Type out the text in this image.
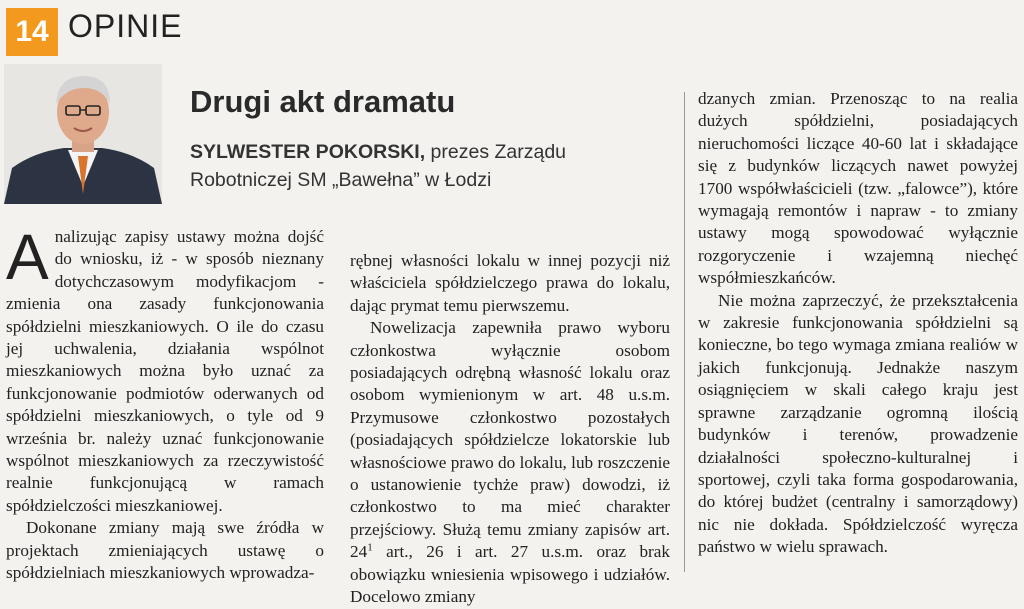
14 OPINIE
Drugi akt dramatu
SYLWESTER POKORSKI, prezes Zarządu Robotniczej SM „Bawełna” w Łodzi

Analizując zapisy ustawy można dojść do wniosku, iż - w sposób nieznany dotychczasowym modyfikacjom - zmienia ona zasady funkcjonowania spółdzielni mieszkaniowych. O ile do czasu jej uchwalenia, działania wspólnot mieszkaniowych można było uznać za funkcjonowanie podmiotów oderwanych od spółdzielni mieszkaniowych, o tyle od 9 września br. należy uznać funkcjonowanie wspólnot mieszkaniowych za rzeczywistość realnie funkcjonującą w ramach spółdzielczości mieszkaniowej.

Dokonane zmiany mają swe źródła w projektach zmieniających ustawę o spółdzielniach mieszkaniowych wprowadza-

rębnej własności lokalu w innej pozycji niż właściciela spółdzielczego prawa do lokalu, dając prymat temu pierwszemu.

Nowelizacja zapewniła prawo wyboru członkostwa wyłącznie osobom posiadających odrębną własność lokalu oraz osobom wymienionym w art. 48 u.s.m. Przymusowe członkostwo pozostałych (posiadających spółdzielcze lokatorskie lub własnościowe prawo do lokalu, lub roszczenie o ustanowienie tychże praw) dowodzi, iż członkostwo to ma mieć charakter przejściowy. Służą temu zmiany zapisów art. $24^1$ art., 26 i art. 27 u.s.m. oraz brak obowiązku wniesienia wpisowego i udziałów. Docelowo zmiany

dzanych zmian. Przenosząc to na realia dużych spółdzielni, posiadających nieruchomości liczące 40-60 lat i składające się z budynków liczących nawet powyżej 1700 współwłaścicieli (tzw. „falowce”), które wymagają remontów i napraw - to zmiany ustawy mogą spowodować wyłącznie rozgoryczenie i wzajemną niechęć współmieszkańców.

Nie można zaprzeczyć, że przekształcenia w zakresie funkcjonowania spółdzielni są konieczne, bo tego wymaga zmiana realiów w jakich funkcjonują. Jednakże naszym osiągnięciem w skali całego kraju jest sprawne zarządzanie ogromną ilością budynków i terenów, prowadzenie działalności społeczno-kulturalnej i sportowej, czyli taka forma gospodarowania, do której budżet (centralny i samorządowy) nic nie dokłada. Spółdzielczość wyręcza państwo w wielu sprawach.
